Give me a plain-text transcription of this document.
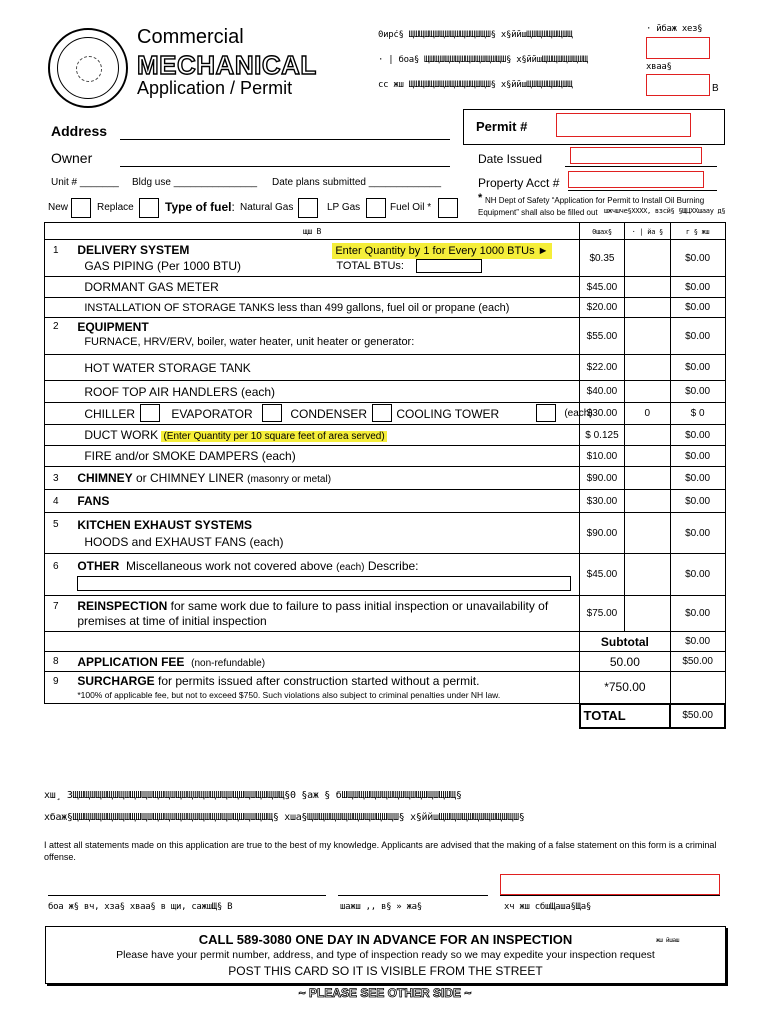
Commercial
MECHANICAL
Application / Permit
0ирć§ ЩШЩШЩШЩШЩШЩШЩШЩШ§ х§ййшЩШЩШЩШЩШЩ
· | боа§ ЩШЩШЩШЩШЩШЩШЩШЩШ§ х§ййшЩШЩШЩШЩШЩ
сс жш ЩШЩШЩШЩШЩШЩШЩШЩШ§ х§ййшЩШЩШЩШЩШЩ
· йбаж хез§
хваа§
B
Address
Owner
Unit # _______ Bldg use _______________ Date plans submitted _____________
New	Replace	Type of fuel: Natural Gas	LP Gas	Fuel Oil *
Permit #
Date Issued
Property Acct #
* NH Dept of Safety “Application for Permit to Install Oil Burning
Equipment” shall also be filled out шжчшче§ХХХХ, взсй§ §ЩЦХХшаау д§
щш B		0шах§	· | йа §	г § жш
1	DELIVERY SYSTEM
GAS PIPING (Per 1000 BTU)
Enter Quantity by 1 for Every 1000 BTUs ►
TOTAL BTUs:	$0.35		$0.00
	DORMANT GAS METER	$45.00		$0.00
	INSTALLATION OF STORAGE TANKS less than 499 gallons, fuel oil or propane (each)	$20.00		$0.00
2	EQUIPMENT
FURNACE, HRV/ERV, boiler, water heater, unit heater or generator:	$55.00		$0.00
	HOT WATER STORAGE TANK	$22.00		$0.00
	ROOF TOP AIR HANDLERS (each)	$40.00		$0.00

	CHILLER EVAPORATOR CONDENSER COOLING TOWER (each)	$30.00	0	$ 0
	DUCT WORK (Enter Quantity per 10 square feet of area served)	$ 0.125		$0.00
	FIRE and/or SMOKE DAMPERS (each)	$10.00		$0.00
3	CHIMNEY or CHIMNEY LINER (masonry or metal)	$90.00		$0.00
4	FANS	$30.00		$0.00
5	KITCHEN EXHAUST SYSTEMS
HOODS and EXHAUST FANS (each)	$90.00		$0.00
6	OTHER Miscellaneous work not covered above (each) Describe:	$45.00		$0.00
7	REINSPECTION for same work due to failure to pass initial inspection or unavailability of
premises at time of initial inspection	$75.00		$0.00
		Subtotal		$0.00
8	APPLICATION FEE (non-refundable)	50.00		$50.00
9	SURCHARGE for permits issued after construction started without a permit.
*100% of applicable fee, but not to exceed $750. Such violations also subject to criminal penalties under NH law.	*750.00		
		TOTAL		$50.00
хш¸ ЗЩШЩШЩШЩШЩШЩШЩШЩШЩШЩШЩШЩШЩШЩШЩШЩШЩШЩШЩ§0 §аж § бШЩШЩШЩШЩШЩШЩШЩШЩШЩШЩ§
хбаж§ЩШЩШЩШЩШЩШЩШЩШЩШЩШЩШЩШЩШЩШЩШЩШЩШЩШЩ§ хша§ЩШЩШЩШЩШЩШЩШЩШЩШ§ х§ййшЩШЩШЩШЩШЩШЩШЩШ§
I attest all statements made on this application are true to the best of my knowledge. Applicants are advised that the making of a false statement on this form is a criminal offense.
боа ж§ вч, хза§ хваа§ в щи, сажшЩ§ B	шажш ,, в§ » жа§	хч жш сбшЩаша§Ща§
CALL 589-3080 ONE DAY IN ADVANCE FOR AN INSPECTION	жш йшаш
Please have your permit number, address, and type of inspection ready so we may expedite your inspection request
POST THIS CARD SO IT IS VISIBLE FROM THE STREET
~ PLEASE SEE OTHER SIDE ~
